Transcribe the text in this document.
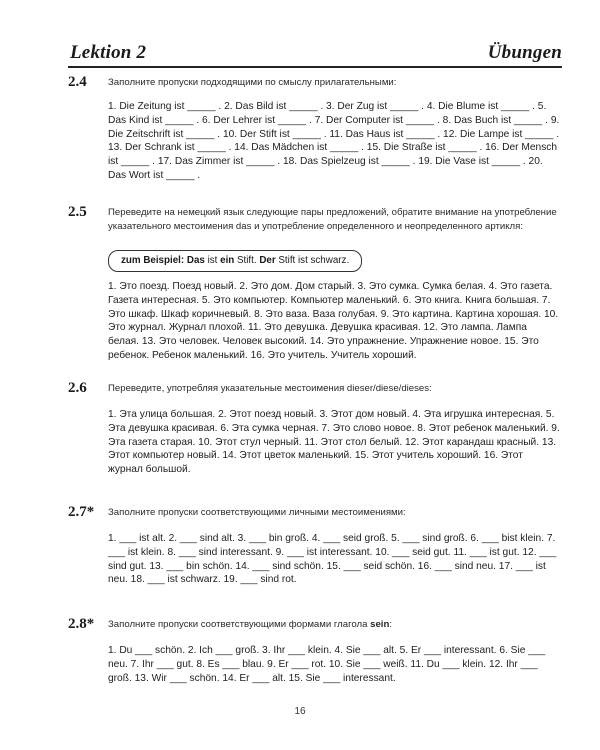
Lektion 2	Übungen
2.4 Заполните пропуски подходящими по смыслу прилагательными:
1. Die Zeitung ist _____ . 2. Das Bild ist _____ . 3. Der Zug ist _____ . 4. Die Blume ist _____ . 5. Das Kind ist _____ . 6. Der Lehrer ist _____ . 7. Der Computer ist _____ . 8. Das Buch ist _____ . 9. Die Zeitschrift ist _____ . 10. Der Stift ist _____ . 11. Das Haus ist _____ . 12. Die Lampe ist _____ . 13. Der Schrank ist _____ . 14. Das Mädchen ist _____ . 15. Die Straße ist _____ . 16. Der Mensch ist _____ . 17. Das Zimmer ist _____ . 18. Das Spielzeug ist _____ . 19. Die Vase ist _____ . 20. Das Wort ist _____ .
2.5 Переведите на немецкий язык следующие пары предложений, обратите внимание на употребление указательного местоимения das и употребление определенного и неопределенного артикля:
zum Beispiel: Das ist ein Stift. Der Stift ist schwarz.
1. Это поезд. Поезд новый. 2. Это дом. Дом старый. 3. Это сумка. Сумка белая. 4. Это газета. Газета интересная. 5. Это компьютер. Компьютер маленький. 6. Это книга. Книга большая. 7. Это шкаф. Шкаф коричневый. 8. Это ваза. Ваза голубая. 9. Это картина. Картина хорошая. 10. Это журнал. Журнал плохой. 11. Это девушка. Девушка красивая. 12. Это лампа. Лампа белая. 13. Это человек. Человек высокий. 14. Это упражнение. Упражнение новое. 15. Это ребенок. Ребенок маленький. 16. Это учитель. Учитель хороший.
2.6 Переведите, употребляя указательные местоимения dieser/diese/dieses:
1. Эта улица большая. 2. Этот поезд новый. 3. Этот дом новый. 4. Эта игрушка интересная. 5. Эта девушка красивая. 6. Эта сумка черная. 7. Это слово новое. 8. Этот ребенок маленький. 9. Эта газета старая. 10. Этот стул черный. 11. Этот стол белый. 12. Этот карандаш красный. 13. Этот компьютер новый. 14. Этот цветок маленький. 15. Этот учитель хороший. 16. Этот журнал большой.
2.7* Заполните пропуски соответствующими личными местоимениями:
1. ___ ist alt. 2. ___ sind alt. 3. ___ bin groß. 4. ___ seid groß. 5. ___ sind groß. 6. ___ bist klein. 7. ___ ist klein. 8. ___ sind interessant. 9. ___ ist interessant. 10. ___ seid gut. 11. ___ ist gut. 12. ___ sind gut. 13. ___ bin schön. 14. ___ sind schön. 15. ___ seid schön. 16. ___ sind neu. 17. ___ ist neu. 18. ___ ist schwarz. 19. ___ sind rot.
2.8* Заполните пропуски соответствующими формами глагола sein:
1. Du ___ schön. 2. Ich ___ groß. 3. Ihr ___ klein. 4. Sie ___ alt. 5. Er ___ interessant. 6. Sie ___ neu. 7. Ihr ___ gut. 8. Es ___ blau. 9. Er ___ rot. 10. Sie ___ weiß. 11. Du ___ klein. 12. Ihr ___ groß. 13. Wir ___ schön. 14. Er ___ alt. 15. Sie ___ interessant.
16
